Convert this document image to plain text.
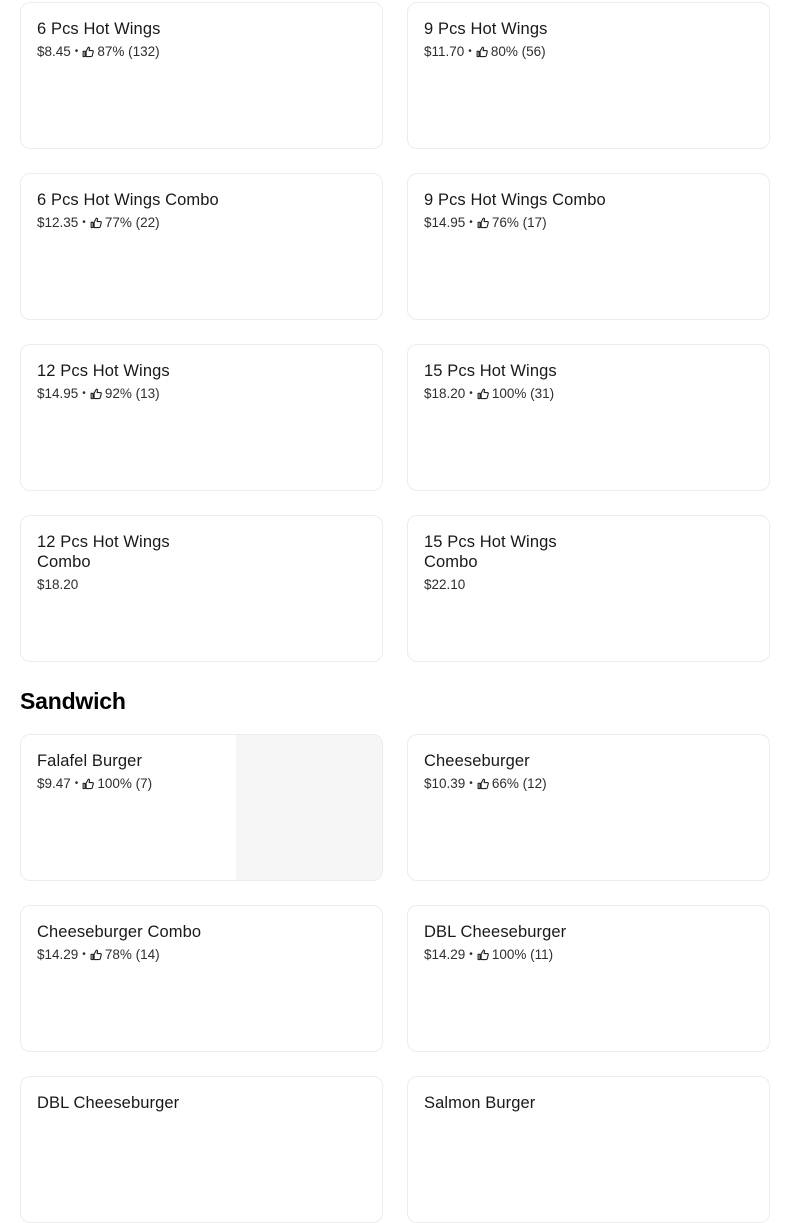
6 Pcs Hot Wings
$8.45 • 87% (132)
9 Pcs Hot Wings
$11.70 • 80% (56)
6 Pcs Hot Wings Combo
$12.35 • 77% (22)
9 Pcs Hot Wings Combo
$14.95 • 76% (17)
12 Pcs Hot Wings
$14.95 • 92% (13)
15 Pcs Hot Wings
$18.20 • 100% (31)
12 Pcs Hot Wings Combo
$18.20
15 Pcs Hot Wings Combo
$22.10
Sandwich
Falafel Burger
$9.47 • 100% (7)
Cheeseburger
$10.39 • 66% (12)
Cheeseburger Combo
$14.29 • 78% (14)
DBL Cheeseburger
$14.29 • 100% (11)
DBL Cheeseburger	Salmon Burger
